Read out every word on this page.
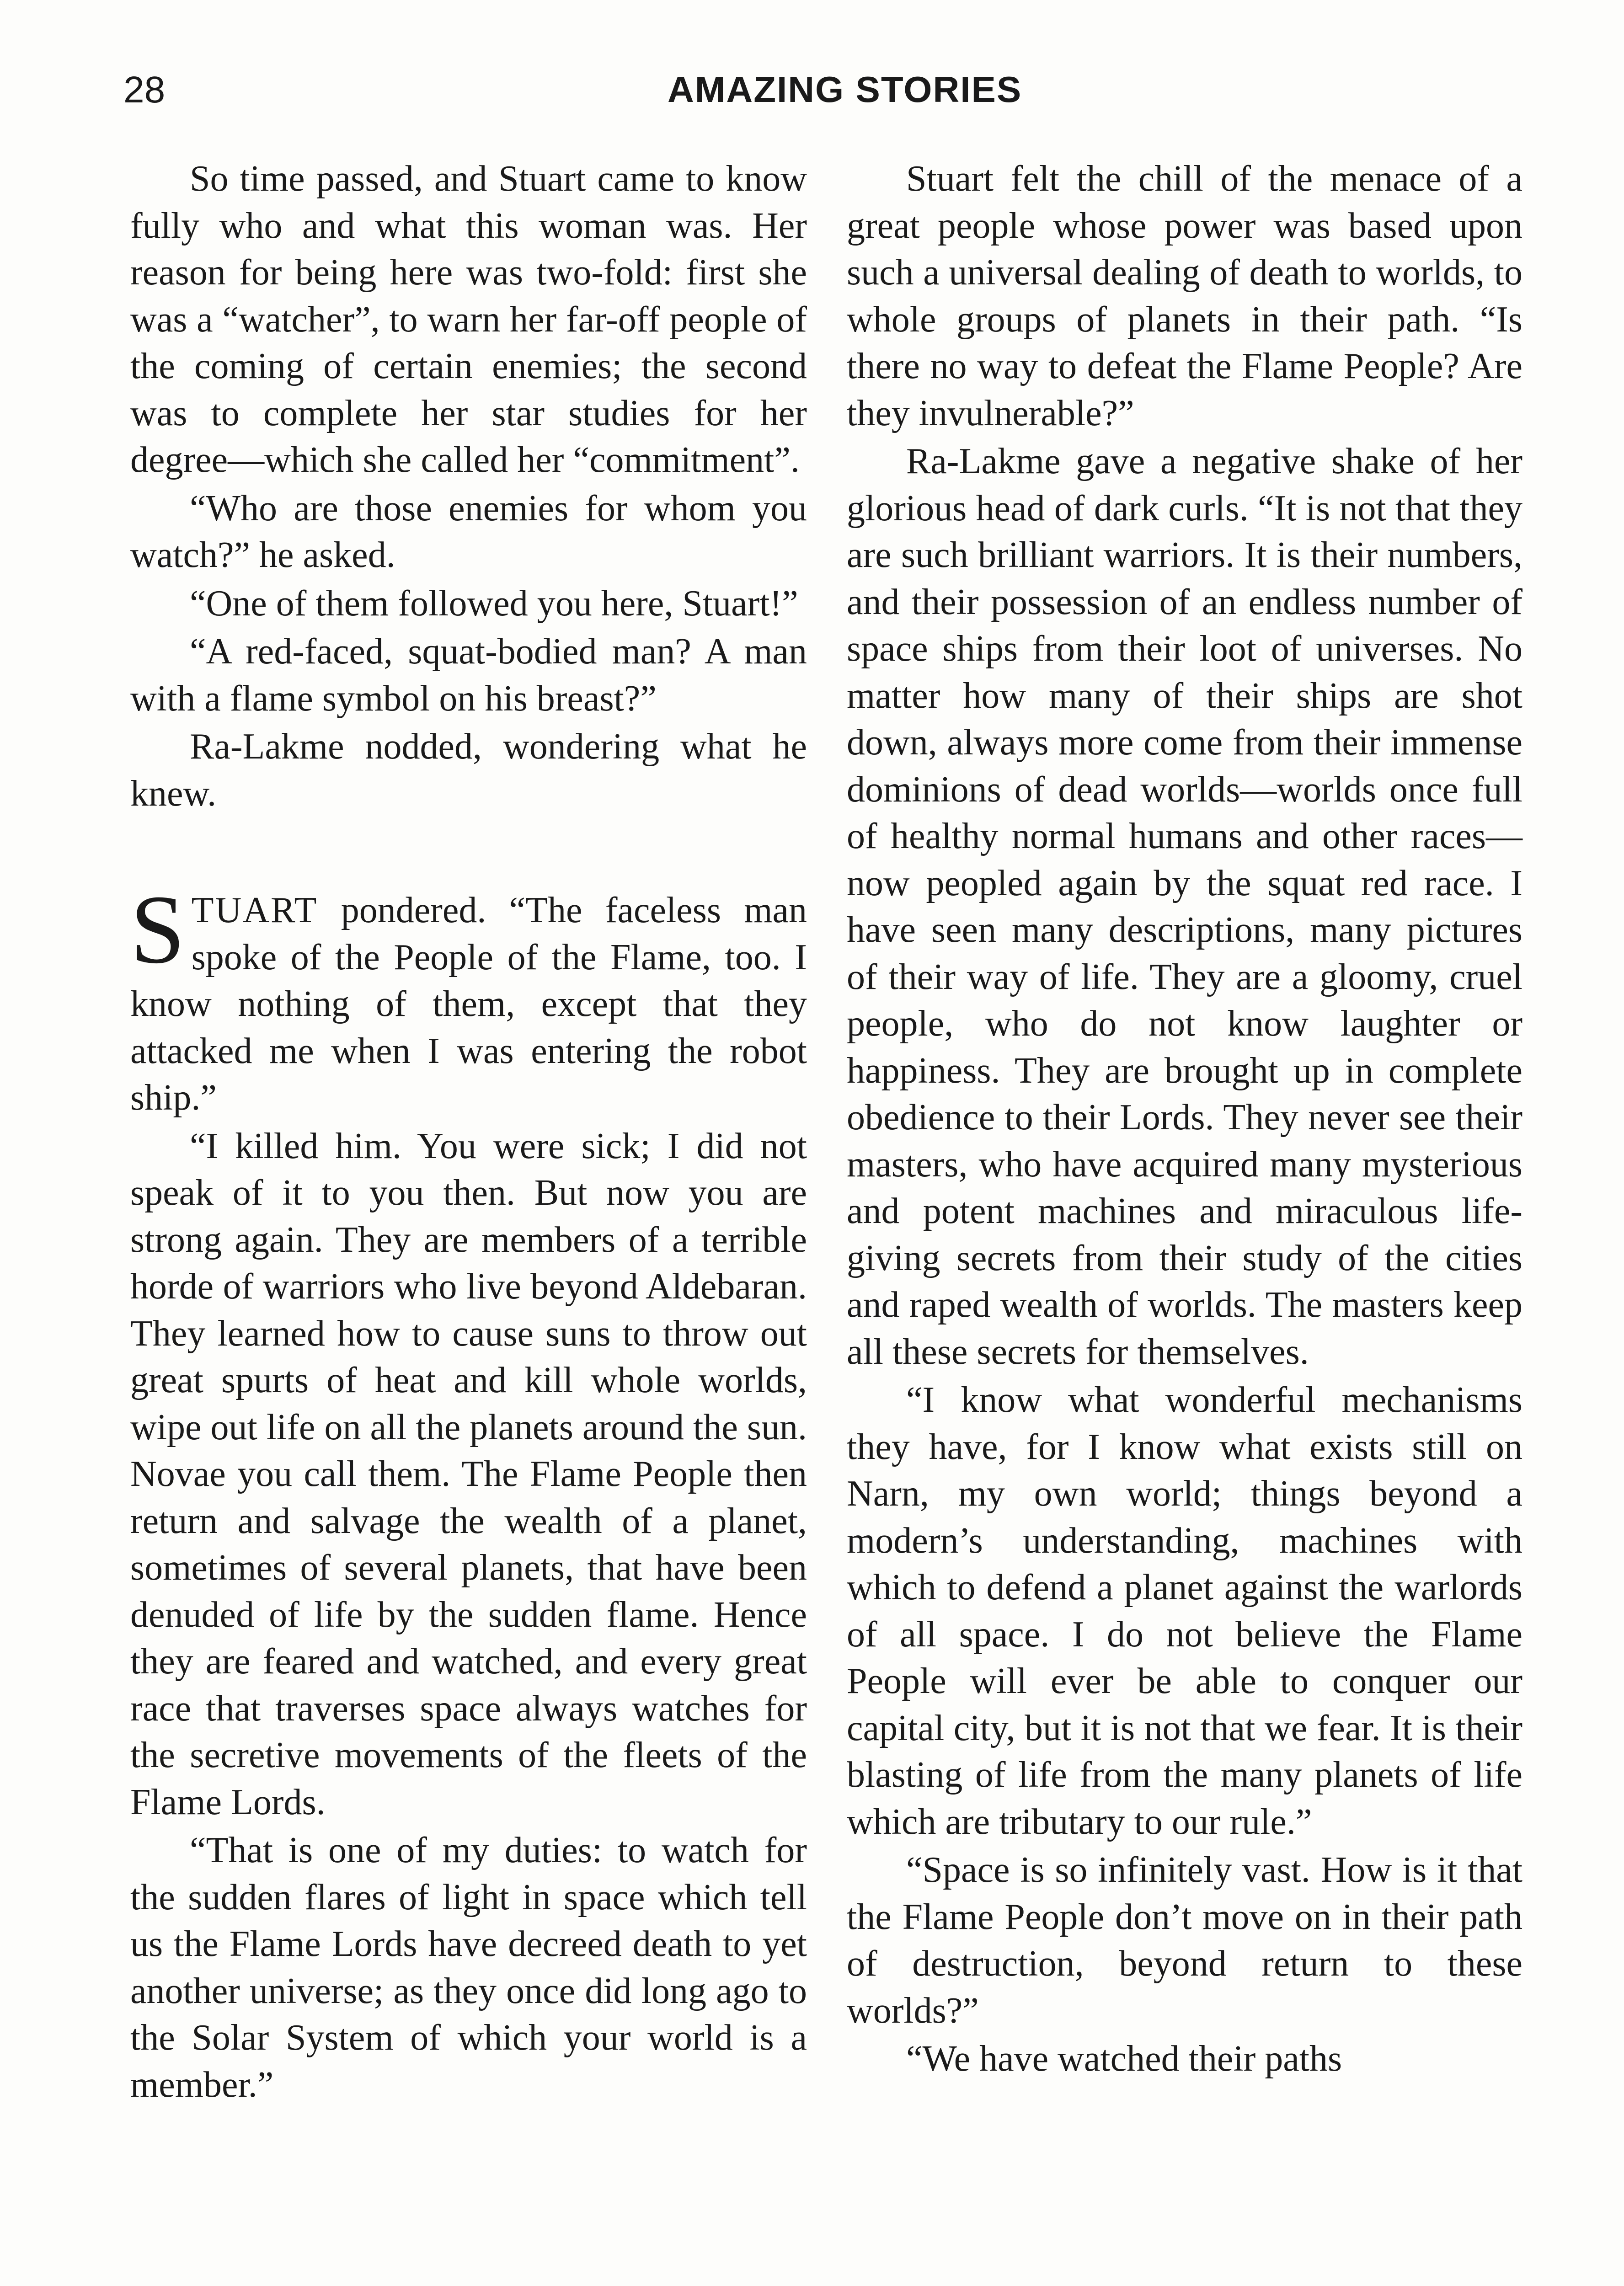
28	AMAZING STORIES

So time passed, and Stuart came to know fully who and what this woman was. Her reason for being here was two-fold: first she was a “watcher”, to warn her far-off people of the coming of certain enemies; the second was to complete her star studies for her degree—which she called her “commitment”.

“Who are those enemies for whom you watch?” he asked.

“One of them followed you here, Stuart!”

“A red-faced, squat-bodied man? A man with a flame symbol on his breast?”

Ra-Lakme nodded, wondering what he knew.

STUART pondered. “The faceless man spoke of the People of the Flame, too. I know nothing of them, except that they attacked me when I was entering the robot ship.”

“I killed him. You were sick; I did not speak of it to you then. But now you are strong again. They are members of a terrible horde of warriors who live beyond Aldebaran. They learned how to cause suns to throw out great spurts of heat and kill whole worlds, wipe out life on all the planets around the sun. Novae you call them. The Flame People then return and salvage the wealth of a planet, sometimes of several planets, that have been denuded of life by the sudden flame. Hence they are feared and watched, and every great race that traverses space always watches for the secretive movements of the fleets of the Flame Lords.

“That is one of my duties: to watch for the sudden flares of light in space which tell us the Flame Lords have decreed death to yet another universe; as they once did long ago to the Solar System of which your world is a member.”

Stuart felt the chill of the menace of a great people whose power was based upon such a universal dealing of death to worlds, to whole groups of planets in their path. “Is there no way to defeat the Flame People? Are they invulnerable?”

Ra-Lakme gave a negative shake of her glorious head of dark curls. “It is not that they are such brilliant warriors. It is their numbers, and their possession of an endless number of space ships from their loot of universes. No matter how many of their ships are shot down, always more come from their immense dominions of dead worlds—worlds once full of healthy normal humans and other races—now peopled again by the squat red race. I have seen many descriptions, many pictures of their way of life. They are a gloomy, cruel people, who do not know laughter or happiness. They are brought up in complete obedience to their Lords. They never see their masters, who have acquired many mysterious and potent machines and miraculous life-giving secrets from their study of the cities and raped wealth of worlds. The masters keep all these secrets for themselves.

“I know what wonderful mechanisms they have, for I know what exists still on Narn, my own world; things beyond a modern’s understanding, machines with which to defend a planet against the warlords of all space. I do not believe the Flame People will ever be able to conquer our capital city, but it is not that we fear. It is their blasting of life from the many planets of life which are tributary to our rule.”

“Space is so infinitely vast. How is it that the Flame People don’t move on in their path of destruction, beyond return to these worlds?”

“We have watched their paths
